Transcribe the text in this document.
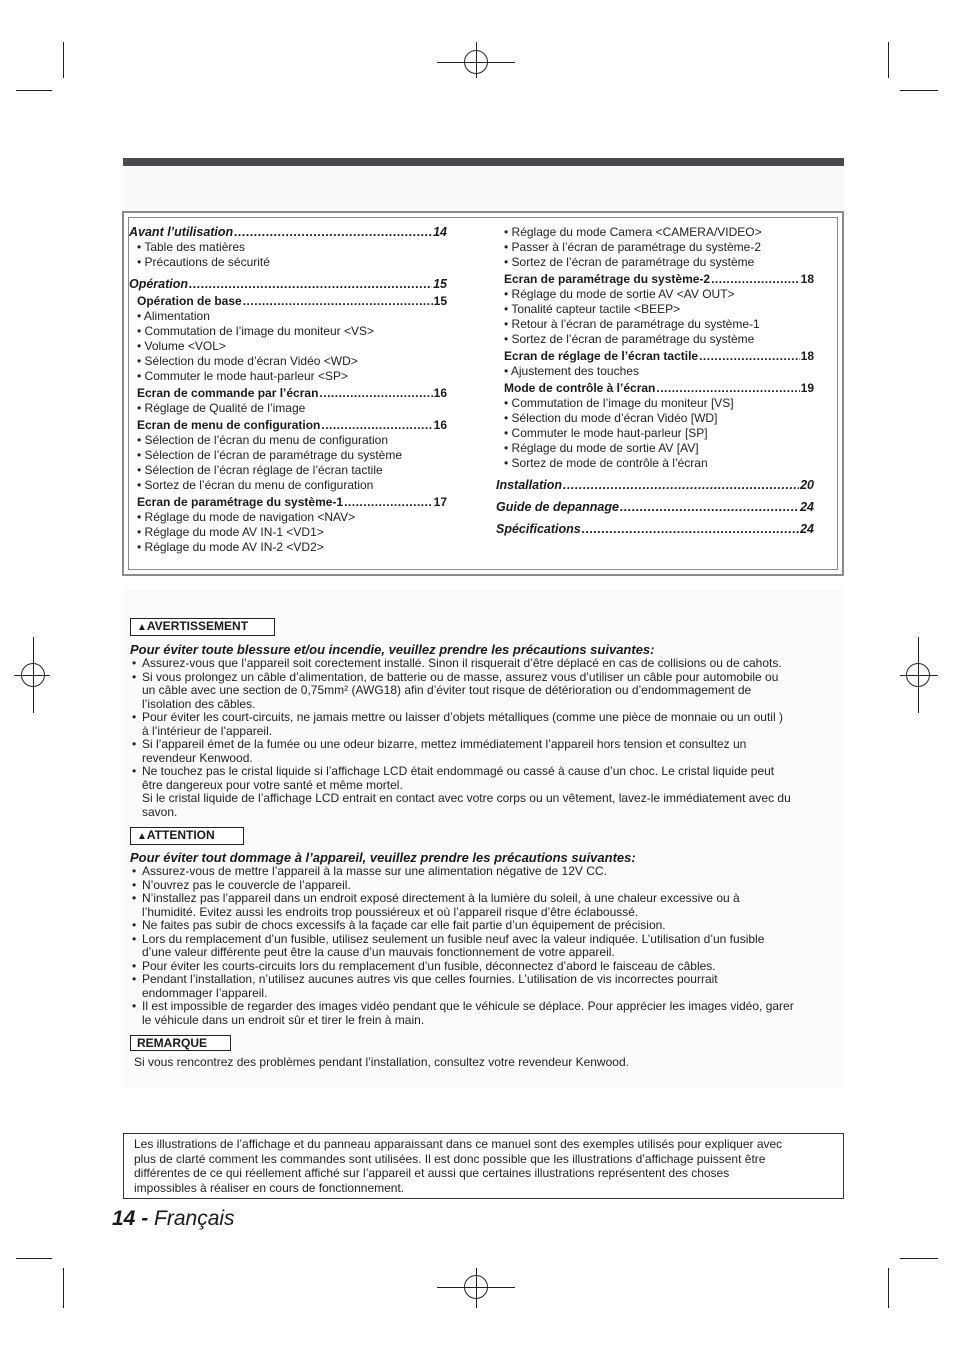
Avant l’utilisation .....	14
• Table des matières
• Précautions de sécurité
Opération .....	15
Opération de base .....	15
• Alimentation
• Commutation de l’image du moniteur <VS>
• Volume <VOL>
• Sélection du mode d’écran Vidéo <WD>
• Commuter le mode haut-parleur <SP>
Ecran de commande par l’écran .....	16
• Réglage de Qualité de l’image
Ecran de menu de configuration .....	16
• Sélection de l’écran du menu de configuration
• Sélection de l’écran de paramétrage du système
• Sélection de l’écran réglage de l’écran tactile
• Sortez de l’écran du menu de configuration
Ecran de paramétrage du système-1 .....	17
• Réglage du mode de navigation <NAV>
• Réglage du mode AV IN-1 <VD1>
• Réglage du mode AV IN-2 <VD2>
• Réglage du mode Camera <CAMERA/VIDEO>
• Passer à l’écran de paramétrage du système-2
• Sortez de l’écran de paramétrage du système
Ecran de paramétrage du système-2 .....	18
• Réglage du mode de sortie AV <AV OUT>
• Tonalité capteur tactile <BEEP>
• Retour à l’écran de paramétrage du système-1
• Sortez de l’écran de paramétrage du système
Ecran de réglage de l’écran tactile .....	18
• Ajustement des touches
Mode de contrôle à l’écran .....	19
• Commutation de l’image du moniteur [VS]
• Sélection du mode d’écran Vidéo [WD]
• Commuter le mode haut-parleur [SP]
• Réglage du mode de sortie AV [AV]
• Sortez de mode de contrôle à l’écran
Installation .....	20
Guide de depannage .....	24
Spécifications .....	24
▲AVERTISSEMENT
Pour éviter toute blessure et/ou incendie, veuillez prendre les précautions suivantes:
• Assurez-vous que l’appareil soit corectement installé. Sinon il risquerait d’être déplacé en cas de collisions ou de cahots.
• Si vous prolongez un câble d’alimentation, de batterie ou de masse, assurez vous d’utiliser un câble pour automobile ou
un câble avec une section de 0,75mm² (AWG18) afin d’éviter tout risque de détérioration ou d’endommagement de
l’isolation des câbles.
• Pour éviter les court-circuits, ne jamais mettre ou laisser d’objets métalliques (comme une pièce de monnaie ou un outil )
à l’intérieur de l’appareil.
• Si l’appareil émet de la fumée ou une odeur bizarre, mettez immédiatement l’appareil hors tension et consultez un
revendeur Kenwood.
• Ne touchez pas le cristal liquide si l’affichage LCD était endommagé ou cassé à cause d’un choc. Le cristal liquide peut
être dangereux pour votre santé et même mortel.
Si le cristal liquide de l’affichage LCD entrait en contact avec votre corps ou un vêtement, lavez-le immédiatement avec du
savon.
▲ATTENTION
Pour éviter tout dommage à l’appareil, veuillez prendre les précautions suivantes:
• Assurez-vous de mettre l’appareil à la masse sur une alimentation négative de 12V CC.
• N’ouvrez pas le couvercle de l’appareil.
• N’installez pas l’appareil dans un endroit exposé directement à la lumière du soleil, à une chaleur excessive ou à
l’humidité. Evitez aussi les endroits trop poussiéreux et où l’appareil risque d’être éclaboussé.
• Ne faites pas subir de chocs excessifs à la façade car elle fait partie d’un équipement de précision.
• Lors du remplacement d’un fusible, utilisez seulement un fusible neuf avec la valeur indiquée. L’utilisation d’un fusible
d’une valeur différente peut être la cause d’un mauvais fonctionnement de votre appareil.
• Pour éviter les courts-circuits lors du remplacement d’un fusible, déconnectez d’abord le faisceau de câbles.
• Pendant l’installation, n’utilisez aucunes autres vis que celles fournies. L’utilisation de vis incorrectes pourrait
endommager l’appareil.
• Il est impossible de regarder des images vidéo pendant que le véhicule se déplace. Pour apprécier les images vidéo, garer
le véhicule dans un endroit sûr et tirer le frein à main.
REMARQUE
Si vous rencontrez des problèmes pendant l’installation, consultez votre revendeur Kenwood.
Les illustrations de l’affichage et du panneau apparaissant dans ce manuel sont des exemples utilisés pour expliquer avec
plus de clarté comment les commandes sont utilisées. Il est donc possible que les illustrations d’affichage puissent être
différentes de ce qui réellement affiché sur l’appareil et aussi que certaines illustrations représentent des choses
impossibles à réaliser en cours de fonctionnement.
14 - Français
